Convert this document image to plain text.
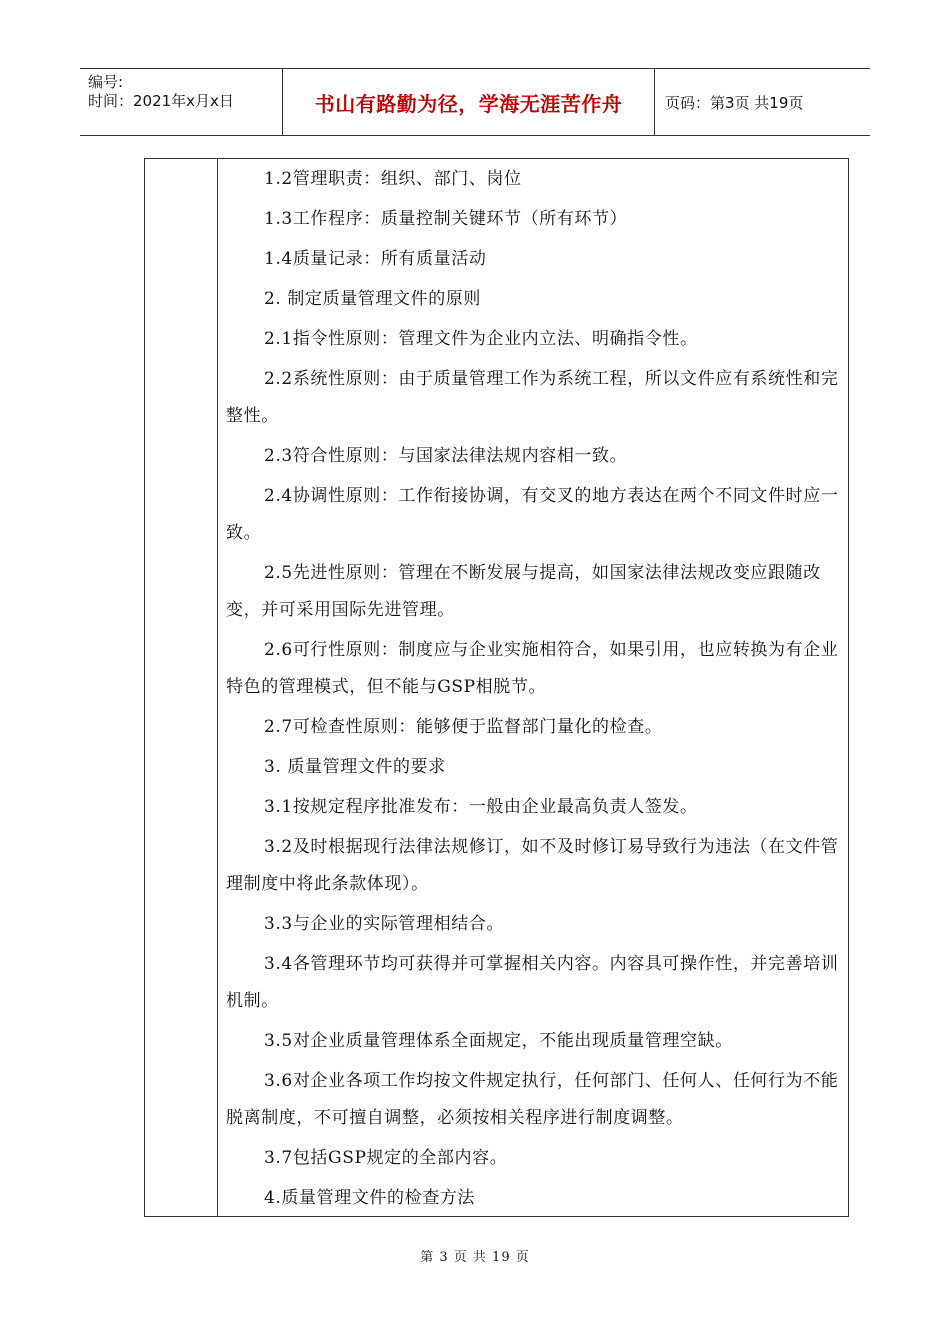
编号:
时间：2021年x月x日	书山有路勤为径，学海无涯苦作舟	页码：第3页 共19页

1.2管理职责：组织、部门、岗位

1.3工作程序：质量控制关键环节（所有环节）

1.4质量记录：所有质量活动

2. 制定质量管理文件的原则

2.1指令性原则：管理文件为企业内立法、明确指令性。

2.2系统性原则：由于质量管理工作为系统工程，所以文件应有系统性和完整性。

2.3符合性原则：与国家法律法规内容相一致。

2.4协调性原则：工作衔接协调，有交叉的地方表达在两个不同文件时应一致。

2.5先进性原则：管理在不断发展与提高，如国家法律法规改变应跟随改变，并可采用国际先进管理。

2.6可行性原则：制度应与企业实施相符合，如果引用，也应转换为有企业特色的管理模式，但不能与GSP相脱节。

2.7可检查性原则：能够便于监督部门量化的检查。

3. 质量管理文件的要求

3.1按规定程序批准发布：一般由企业最高负责人签发。

3.2及时根据现行法律法规修订，如不及时修订易导致行为违法（在文件管理制度中将此条款体现）。

3.3与企业的实际管理相结合。

3.4各管理环节均可获得并可掌握相关内容。内容具可操作性，并完善培训机制。

3.5对企业质量管理体系全面规定，不能出现质量管理空缺。

3.6对企业各项工作均按文件规定执行，任何部门、任何人、任何行为不能脱离制度，不可擅自调整，必须按相关程序进行制度调整。

3.7包括GSP规定的全部内容。

4.质量管理文件的检查方法

第 3 页 共 19 页
